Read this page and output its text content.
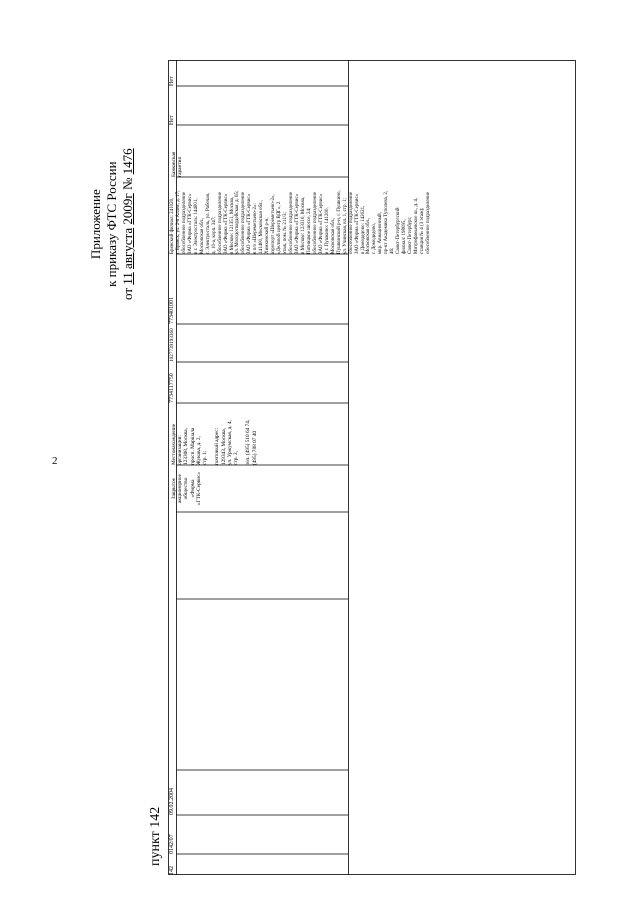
2
Приложение к приказу ФТС России
от 11 августа 2009г № 1476
пункт 142
142
0142/07
09.02.2004
Закрытое
акционерное
общество
«Фирма
«ГТК-Сервис»
Местонахождение
организации:
123308, Москва,
просп. Маршала
Жукова, д. 2,
стр. 1;

почтовый адрес:
129343, Москва,
ул. Уржумская, д. 4,
стр. 2,

тел. (495) 510 64 74,
(495) 788 07 40
7734117750
1027739193360
773401001
Брянский филиал: 241020,
г. Брянск, ул. 2-я Аллея, д. 17;
обособленное подразделение
ЗАО «Фирма «ГТК-Сервис»
в г. Электросталь: 144001,
Московская обл.,
г. Электросталь, ул. Рабочая,
д. 10-а, корп. 347;
обособленное подразделение
ЗАО «Фирма «ГТК-Сервис»
в Москве: 121351, Москва,
ул. Молодогвардейская, д. 65;
обособленное подразделение
ЗАО «Фирма «ГТК-Сервис»
в п/о «Шереметьево-2»:
141400, Московская обл.,
Химкинский р-н,
аэропорт «Шереметьево-2»,
«Деловой центр ВДГ», 2
этаж, пом. № 211/3;
обособленное подразделение
ЗАО «Фирма «ГТК-Сервис»
в Москве: 123310, Москва,
Пятницкое шоссе, 24;
обособленное подразделение
ЗАО «Фирма «ГТК-Сервис»
в г. Пушкино: 141200,
Московская обл.,
Пушкинский р-н, г. Пушкино,
ул. Учинская, вл. 1, стр. 1;
обособленное подразделение
ЗАО «Фирма «ГТК-Сервис»
в Домодедово: 142021,
Московская обл.,
г. Домодедово,
мкр. Авиационный,
пр-кт Академика Туполева, 2,
46;
Санкт-Петербургский
филиал: 198095,
Санкт-Петербург,
Митрофаньевское ш., д. 4,
станция № 4 (3 этаж);
обособленное подразделение
Банковская
гарантия
Нет
Нет
